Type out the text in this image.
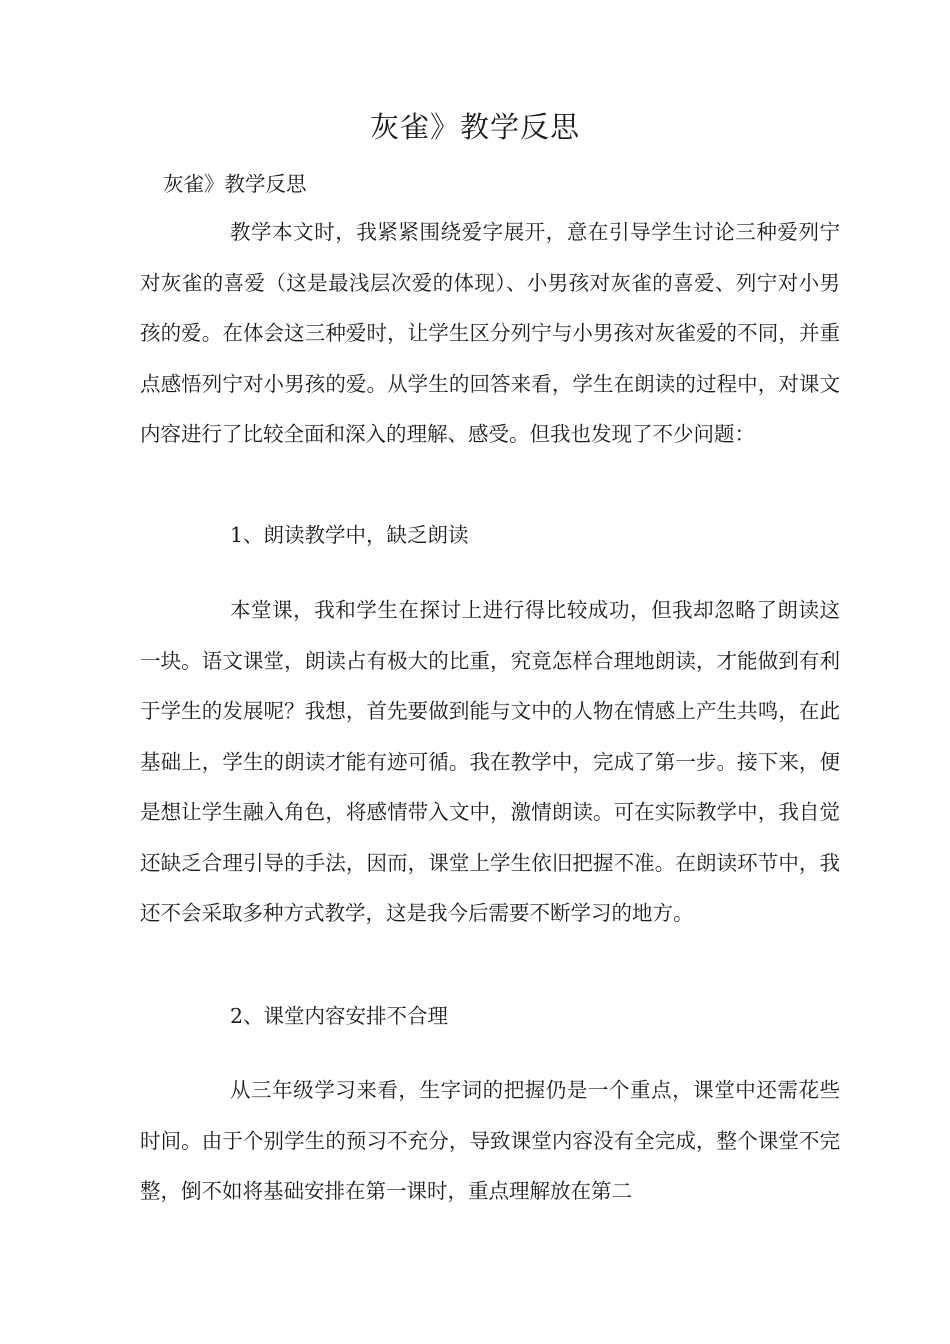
灰雀》教学反思
灰雀》教学反思
教学本文时，我紧紧围绕爱字展开，意在引导学生讨论三种爱列宁对灰雀的喜爱（这是最浅层次爱的体现）、小男孩对灰雀的喜爱、列宁对小男孩的爱。在体会这三种爱时，让学生区分列宁与小男孩对灰雀爱的不同，并重点感悟列宁对小男孩的爱。从学生的回答来看，学生在朗读的过程中，对课文内容进行了比较全面和深入的理解、感受。但我也发现了不少问题：
1、朗读教学中，缺乏朗读
本堂课，我和学生在探讨上进行得比较成功，但我却忽略了朗读这一块。语文课堂，朗读占有极大的比重，究竟怎样合理地朗读，才能做到有利于学生的发展呢？我想，首先要做到能与文中的人物在情感上产生共鸣，在此基础上，学生的朗读才能有迹可循。我在教学中，完成了第一步。接下来，便是想让学生融入角色，将感情带入文中，激情朗读。可在实际教学中，我自觉还缺乏合理引导的手法，因而，课堂上学生依旧把握不准。在朗读环节中，我还不会采取多种方式教学，这是我今后需要不断学习的地方。
2、课堂内容安排不合理
从三年级学习来看，生字词的把握仍是一个重点，课堂中还需花些时间。由于个别学生的预习不充分，导致课堂内容没有全完成，整个课堂不完整，倒不如将基础安排在第一课时，重点理解放在第二
